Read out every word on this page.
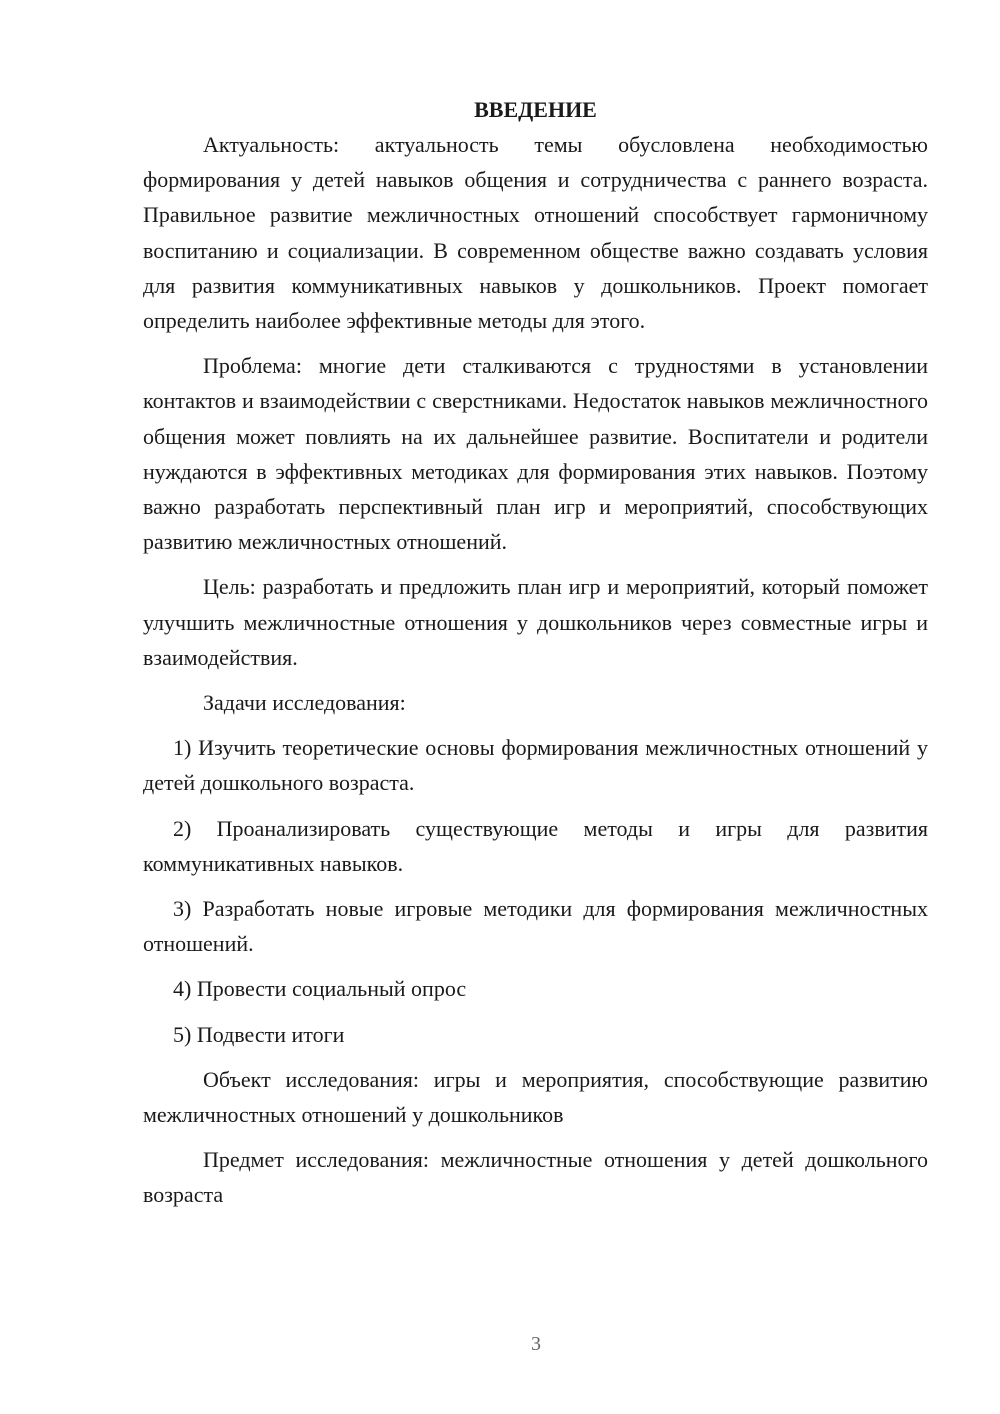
ВВЕДЕНИЕ

Актуальность: актуальность темы обусловлена необходимостью формирования у детей навыков общения и сотрудничества с раннего возраста. Правильное развитие межличностных отношений способствует гармоничному воспитанию и социализации. В современном обществе важно создавать условия для развития коммуникативных навыков у дошкольников. Проект помогает определить наиболее эффективные методы для этого.

Проблема: многие дети сталкиваются с трудностями в установлении контактов и взаимодействии с сверстниками. Недостаток навыков межличностного общения может повлиять на их дальнейшее развитие. Воспитатели и родители нуждаются в эффективных методиках для формирования этих навыков. Поэтому важно разработать перспективный план игр и мероприятий, способствующих развитию межличностных отношений.

Цель: разработать и предложить план игр и мероприятий, который поможет улучшить межличностные отношения у дошкольников через совместные игры и взаимодействия.

Задачи исследования:

1) Изучить теоретические основы формирования межличностных отношений у детей дошкольного возраста.

2) Проанализировать существующие методы и игры для развития коммуникативных навыков.

3) Разработать новые игровые методики для формирования межличностных отношений.

4) Провести социальный опрос

5) Подвести итоги

Объект исследования: игры и мероприятия, способствующие развитию межличностных отношений у дошкольников

Предмет исследования: межличностные отношения у детей дошкольного возраста

3
